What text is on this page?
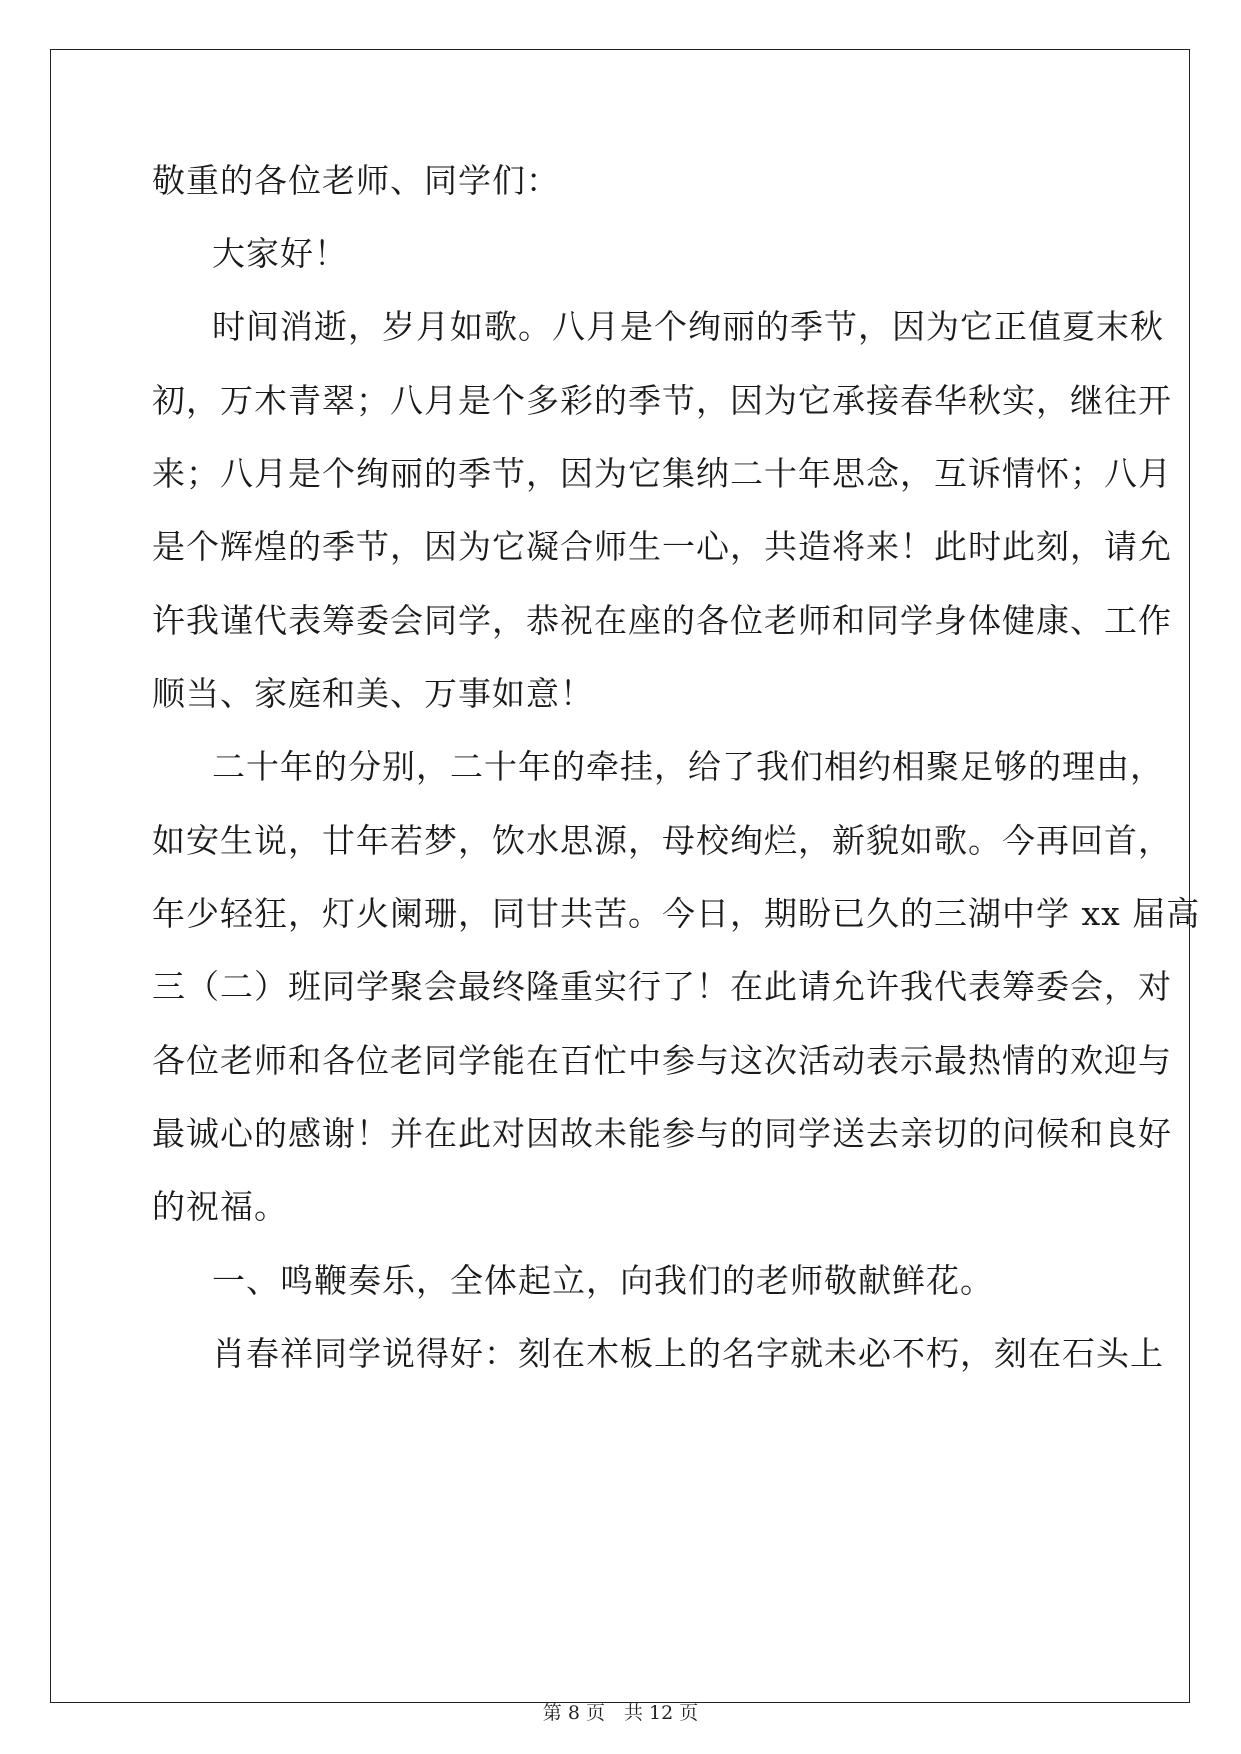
敬重的各位老师、同学们：
大家好！
时间消逝，岁月如歌。八月是个绚丽的季节，因为它正值夏末秋
初，万木青翠；八月是个多彩的季节，因为它承接春华秋实，继往开
来；八月是个绚丽的季节，因为它集纳二十年思念，互诉情怀；八月
是个辉煌的季节，因为它凝合师生一心，共造将来！此时此刻，请允
许我谨代表筹委会同学，恭祝在座的各位老师和同学身体健康、工作
顺当、家庭和美、万事如意！
二十年的分别，二十年的牵挂，给了我们相约相聚足够的理由，
如安生说，廿年若梦，饮水思源，母校绚烂，新貌如歌。今再回首，
年少轻狂，灯火阑珊，同甘共苦。今日，期盼已久的三湖中学 xx 届高
三（二）班同学聚会最终隆重实行了！在此请允许我代表筹委会，对
各位老师和各位老同学能在百忙中参与这次活动表示最热情的欢迎与
最诚心的感谢！并在此对因故未能参与的同学送去亲切的问候和良好
的祝福。
一、鸣鞭奏乐，全体起立，向我们的老师敬献鲜花。
肖春祥同学说得好：刻在木板上的名字就未必不朽，刻在石头上
第 8 页　共 12 页
